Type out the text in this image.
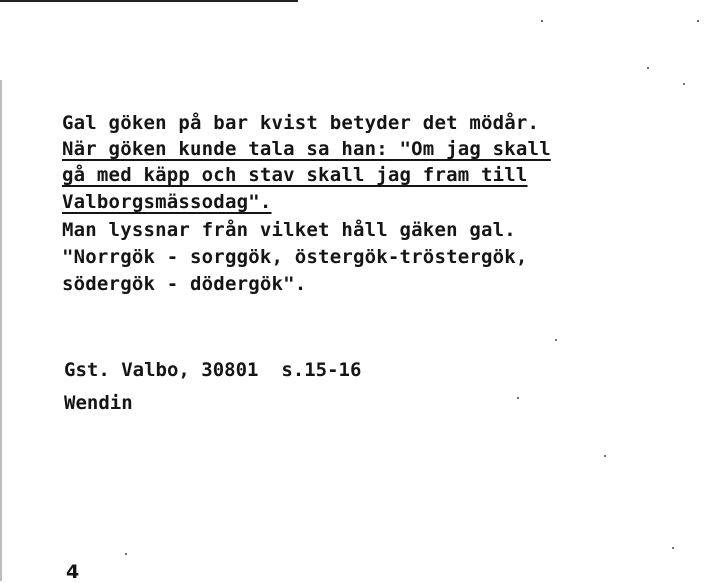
Gal göken på bar kvist betyder det mödår.

När göken kunde tala sa han: "Om jag skall

gå med käpp och stav skall jag fram till

Valborgsmässodag".

Man lyssnar från vilket håll gäken gal.

"Norrgök - sorggök, östergök-tröstergök,

södergök - dödergök".

Gst. Valbo, 30801  s.15-16

Wendin

4
